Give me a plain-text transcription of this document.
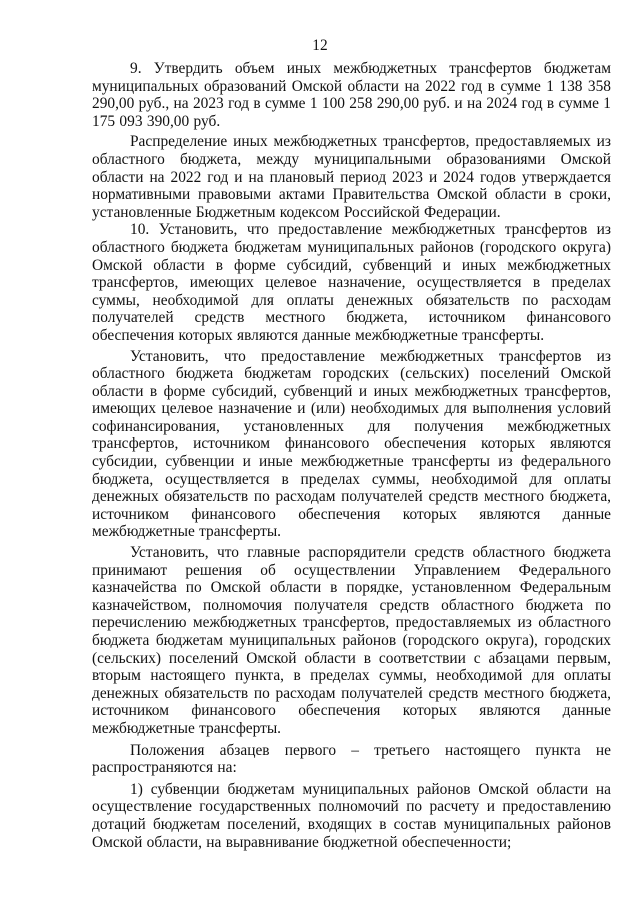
12

9. Утвердить объем иных межбюджетных трансфертов бюджетам муниципальных образований Омской области на 2022 год в сумме 1 138 358 290,00 руб., на 2023 год в сумме 1 100 258 290,00 руб. и на 2024 год в сумме 1 175 093 390,00 руб.

Распределение иных межбюджетных трансфертов, предоставляемых из областного бюджета, между муниципальными образованиями Омской области на 2022 год и на плановый период 2023 и 2024 годов утверждается нормативными правовыми актами Правительства Омской области в сроки, установленные Бюджетным кодексом Российской Федерации.

10. Установить, что предоставление межбюджетных трансфертов из областного бюджета бюджетам муниципальных районов (городского округа) Омской области в форме субсидий, субвенций и иных межбюджетных трансфертов, имеющих целевое назначение, осуществляется в пределах суммы, необходимой для оплаты денежных обязательств по расходам получателей средств местного бюджета, источником финансового обеспечения которых являются данные межбюджетные трансферты.

Установить, что предоставление межбюджетных трансфертов из областного бюджета бюджетам городских (сельских) поселений Омской области в форме субсидий, субвенций и иных межбюджетных трансфертов, имеющих целевое назначение и (или) необходимых для выполнения условий софинансирования, установленных для получения межбюджетных трансфертов, источником финансового обеспечения которых являются субсидии, субвенции и иные межбюджетные трансферты из федерального бюджета, осуществляется в пределах суммы, необходимой для оплаты денежных обязательств по расходам получателей средств местного бюджета, источником финансового обеспечения которых являются данные межбюджетные трансферты.

Установить, что главные распорядители средств областного бюджета принимают решения об осуществлении Управлением Федерального казначейства по Омской области в порядке, установленном Федеральным казначейством, полномочия получателя средств областного бюджета по перечислению межбюджетных трансфертов, предоставляемых из областного бюджета бюджетам муниципальных районов (городского округа), городских (сельских) поселений Омской области в соответствии с абзацами первым, вторым настоящего пункта, в пределах суммы, необходимой для оплаты денежных обязательств по расходам получателей средств местного бюджета, источником финансового обеспечения которых являются данные межбюджетные трансферты.

Положения абзацев первого – третьего настоящего пункта не распространяются на:

1) субвенции бюджетам муниципальных районов Омской области на осуществление государственных полномочий по расчету и предоставлению дотаций бюджетам поселений, входящих в состав муниципальных районов Омской области, на выравнивание бюджетной обеспеченности;
